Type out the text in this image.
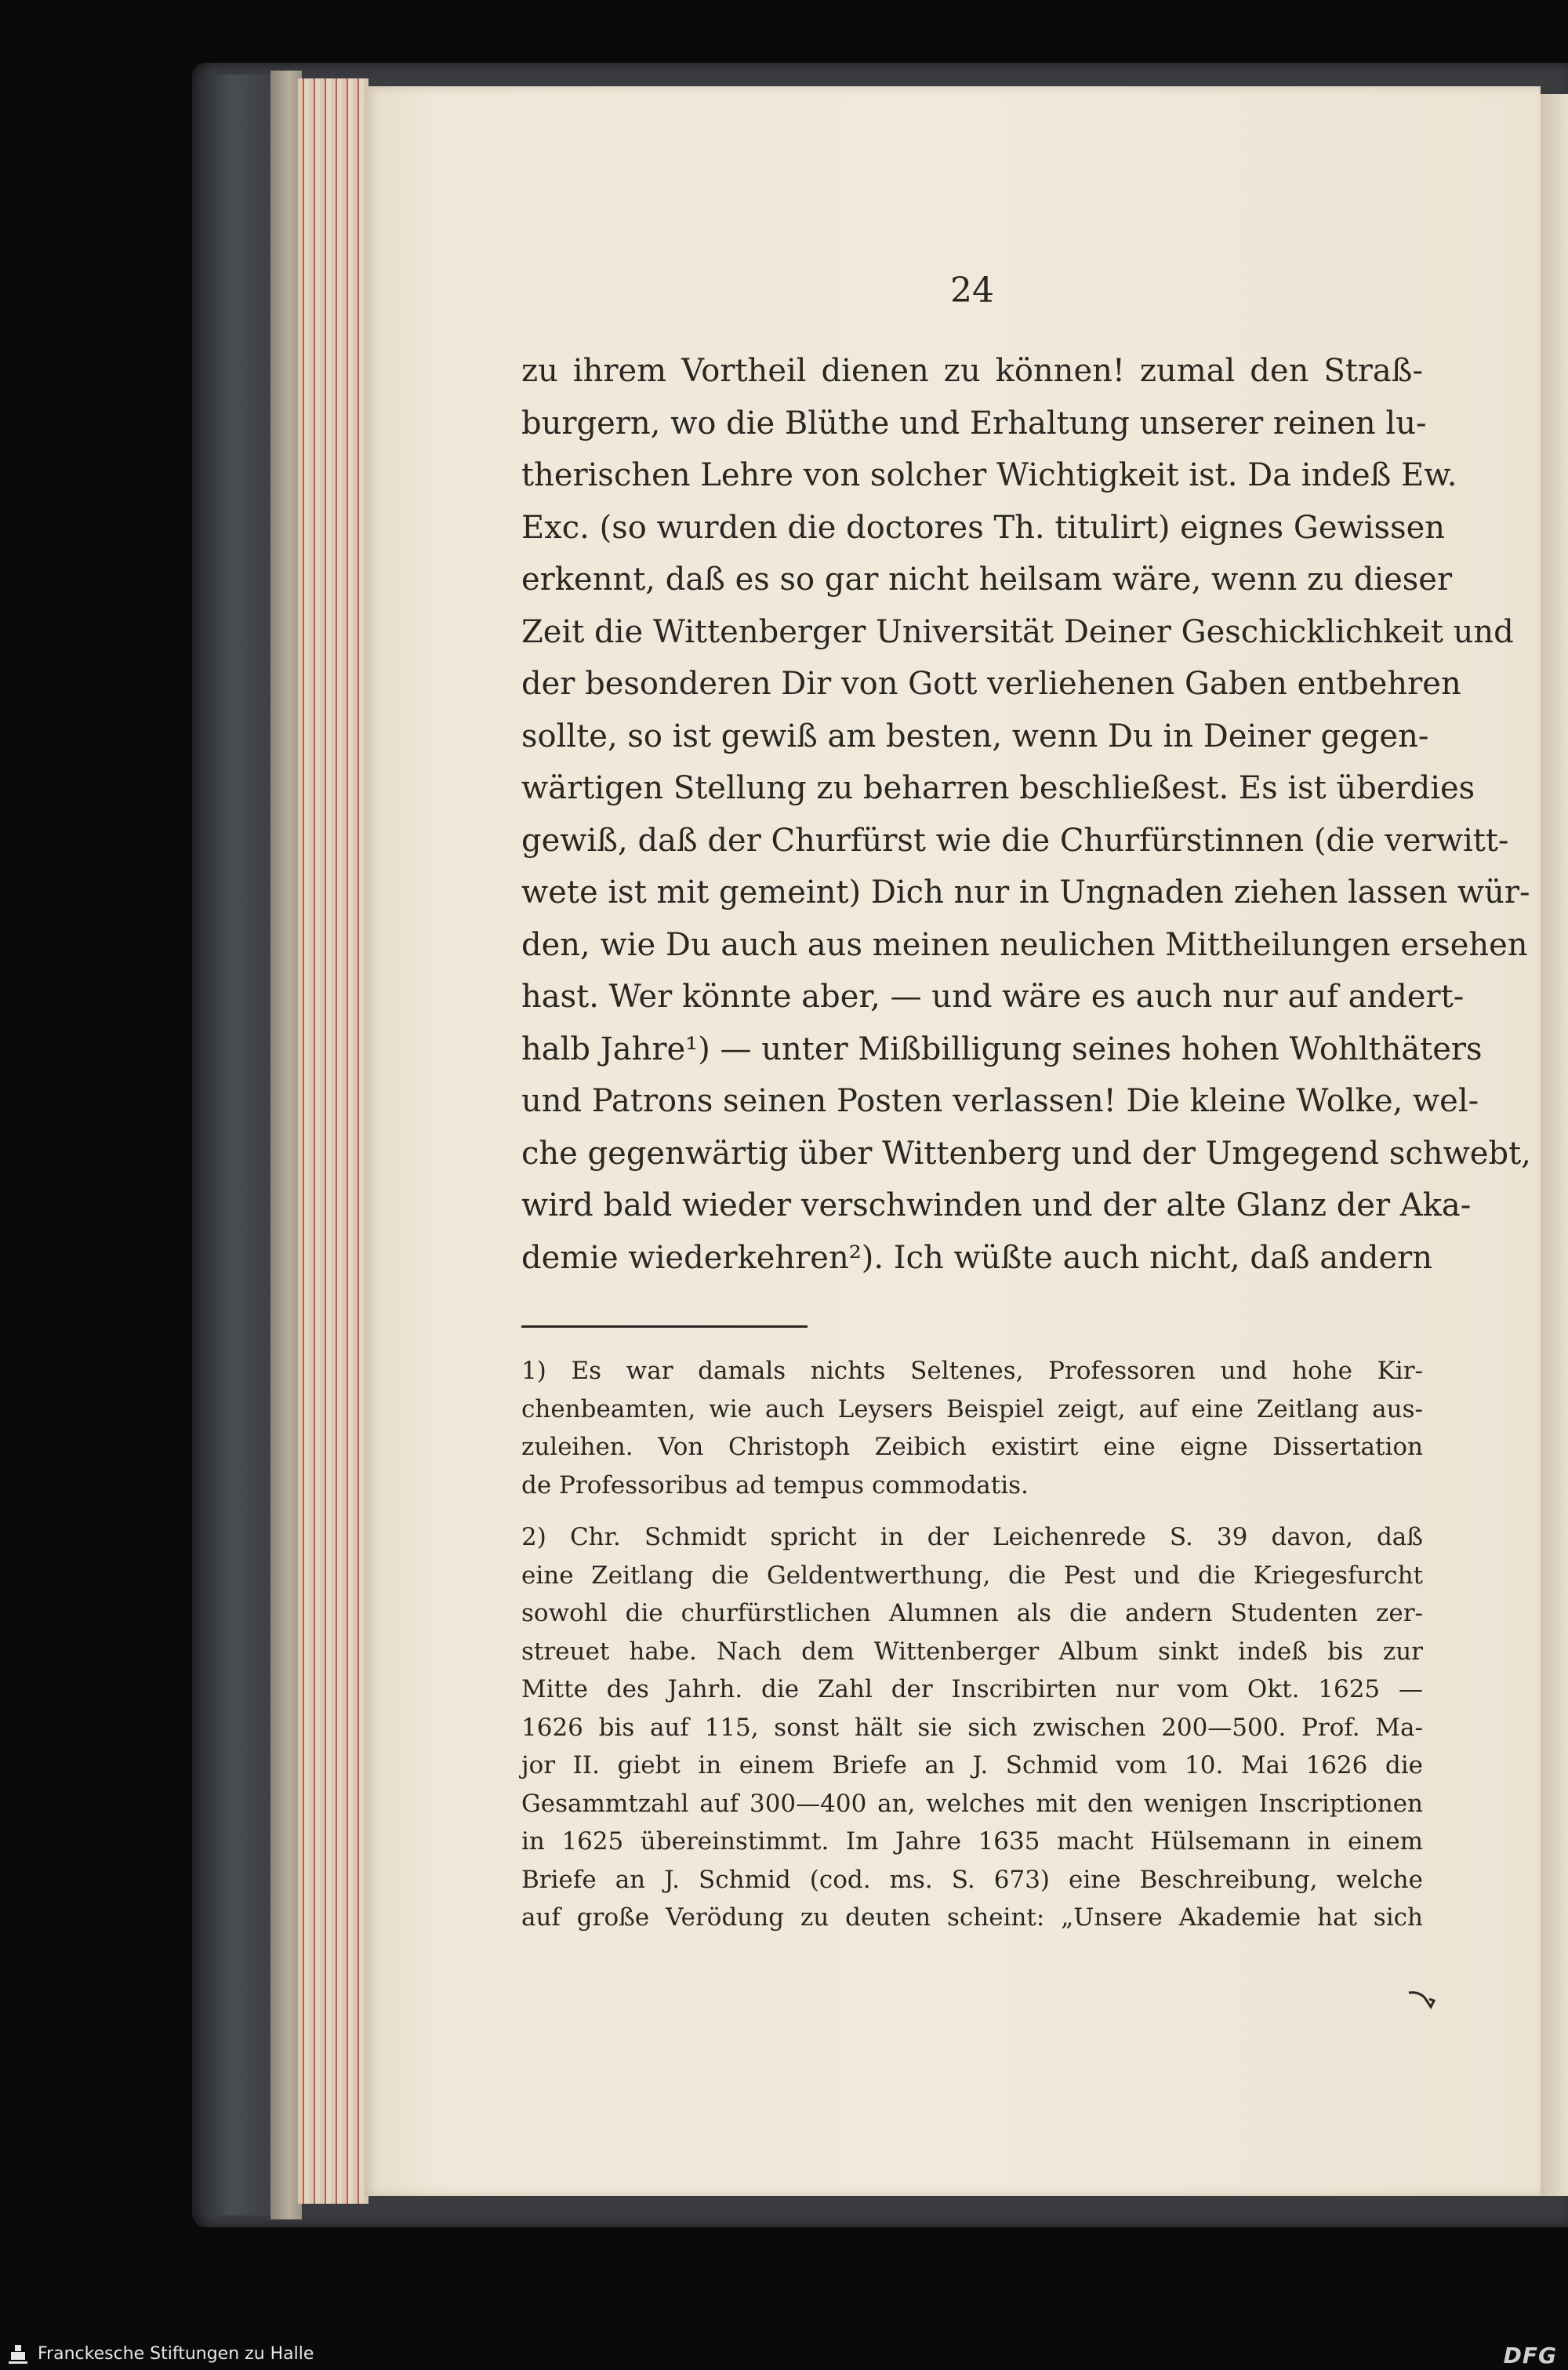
24
zu ihrem Vortheil dienen zu können! zumal den Straß-
burgern, wo die Blüthe und Erhaltung unserer reinen lu-
therischen Lehre von solcher Wichtigkeit ist. Da indeß Ew.
Exc. (so wurden die doctores Th. titulirt) eignes Gewissen
erkennt, daß es so gar nicht heilsam wäre, wenn zu dieser
Zeit die Wittenberger Universität Deiner Geschicklichkeit und
der besonderen Dir von Gott verliehenen Gaben entbehren
sollte, so ist gewiß am besten, wenn Du in Deiner gegen-
wärtigen Stellung zu beharren beschließest. Es ist überdies
gewiß, daß der Churfürst wie die Churfürstinnen (die verwitt-
wete ist mit gemeint) Dich nur in Ungnaden ziehen lassen wür-
den, wie Du auch aus meinen neulichen Mittheilungen ersehen
hast. Wer könnte aber, — und wäre es auch nur auf andert-
halb Jahre¹) — unter Mißbilligung seines hohen Wohlthäters
und Patrons seinen Posten verlassen! Die kleine Wolke, wel-
che gegenwärtig über Wittenberg und der Umgegend schwebt,
wird bald wieder verschwinden und der alte Glanz der Aka-
demie wiederkehren²). Ich wüßte auch nicht, daß andern
1) Es war damals nichts Seltenes, Professoren und hohe Kir-
chenbeamten, wie auch Leysers Beispiel zeigt, auf eine Zeitlang aus-
zuleihen. Von Christoph Zeibich existirt eine eigne Dissertation
de Professoribus ad tempus commodatis.
2) Chr. Schmidt spricht in der Leichenrede S. 39 davon, daß
eine Zeitlang die Geldentwerthung, die Pest und die Kriegesfurcht
sowohl die churfürstlichen Alumnen als die andern Studenten zer-
streuet habe. Nach dem Wittenberger Album sinkt indeß bis zur
Mitte des Jahrh. die Zahl der Inscribirten nur vom Okt. 1625 —
1626 bis auf 115, sonst hält sie sich zwischen 200—500. Prof. Ma-
jor II. giebt in einem Briefe an J. Schmid vom 10. Mai 1626 die
Gesammtzahl auf 300—400 an, welches mit den wenigen Inscriptionen
in 1625 übereinstimmt. Im Jahre 1635 macht Hülsemann in einem
Briefe an J. Schmid (cod. ms. S. 673) eine Beschreibung, welche
auf große Verödung zu deuten scheint: „Unsere Akademie hat sich
Franckesche Stiftungen zu Halle	DFG
